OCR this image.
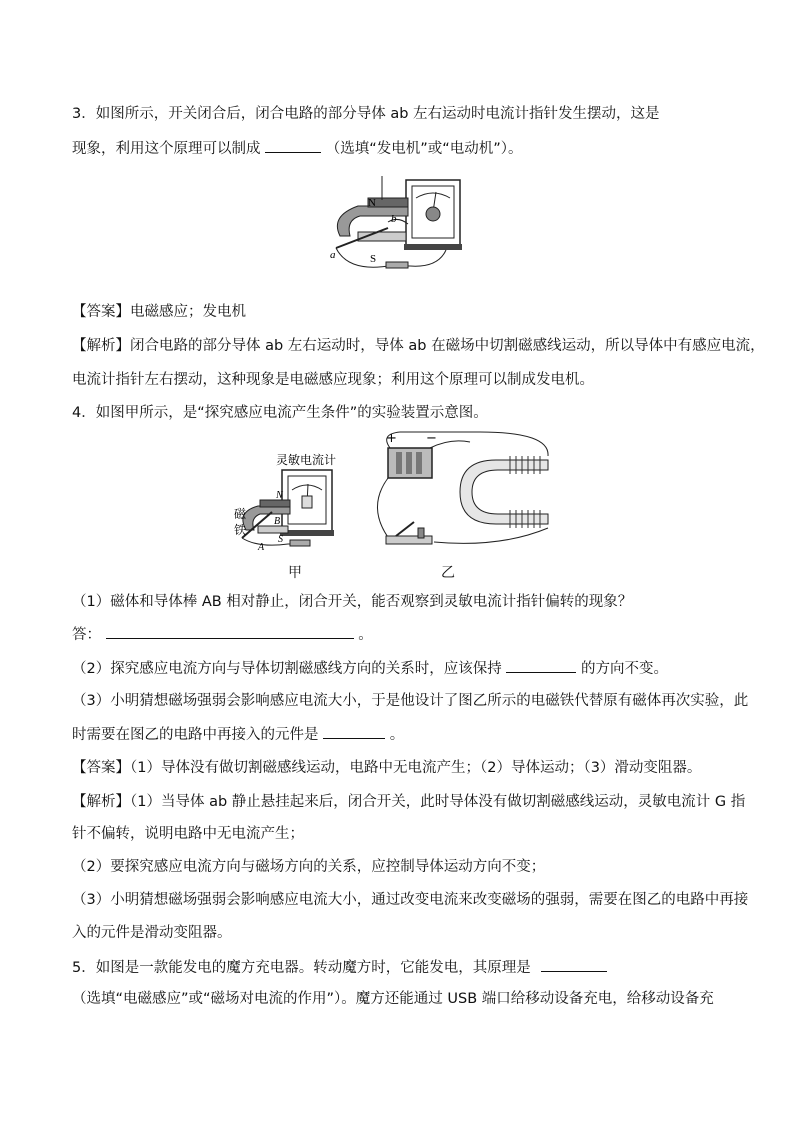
3．如图所示，开关闭合后，闭合电路的部分导体 ab 左右运动时电流计指针发生摆动，这是
现象，利用这个原理可以制成	（选填“发电机”或“电动机”）。
N
S
a
b
【答案】电磁感应；发电机
【解析】闭合电路的部分导体 ab 左右运动时，导体 ab 在磁场中切割磁感线运动，所以导体中有感应电流，
电流计指针左右摆动，这种现象是电磁感应现象；利用这个原理可以制成发电机。
4．如图甲所示，是“探究感应电流产生条件”的实验装置示意图。
灵敏电流计
磁
铁
N
S
A
B
+ −
甲	乙
（1）磁体和导体棒 AB 相对静止，闭合开关，能否观察到灵敏电流计指针偏转的现象？
答：	。
（2）探究感应电流方向与导体切割磁感线方向的关系时，应该保持	的方向不变。
（3）小明猜想磁场强弱会影响感应电流大小，于是他设计了图乙所示的电磁铁代替原有磁体再次实验，此
时需要在图乙的电路中再接入的元件是	。
【答案】（1）导体没有做切割磁感线运动，电路中无电流产生；（2）导体运动；（3）滑动变阻器。
【解析】（1）当导体 ab 静止悬挂起来后，闭合开关，此时导体没有做切割磁感线运动，灵敏电流计 G 指
针不偏转，说明电路中无电流产生；
（2）要探究感应电流方向与磁场方向的关系，应控制导体运动方向不变；
（3）小明猜想磁场强弱会影响感应电流大小，通过改变电流来改变磁场的强弱，需要在图乙的电路中再接
入的元件是滑动变阻器。
5．如图是一款能发电的魔方充电器。转动魔方时，它能发电，其原理是
（选填“电磁感应”或“磁场对电流的作用”）。魔方还能通过 USB 端口给移动设备充电，给移动设备充
